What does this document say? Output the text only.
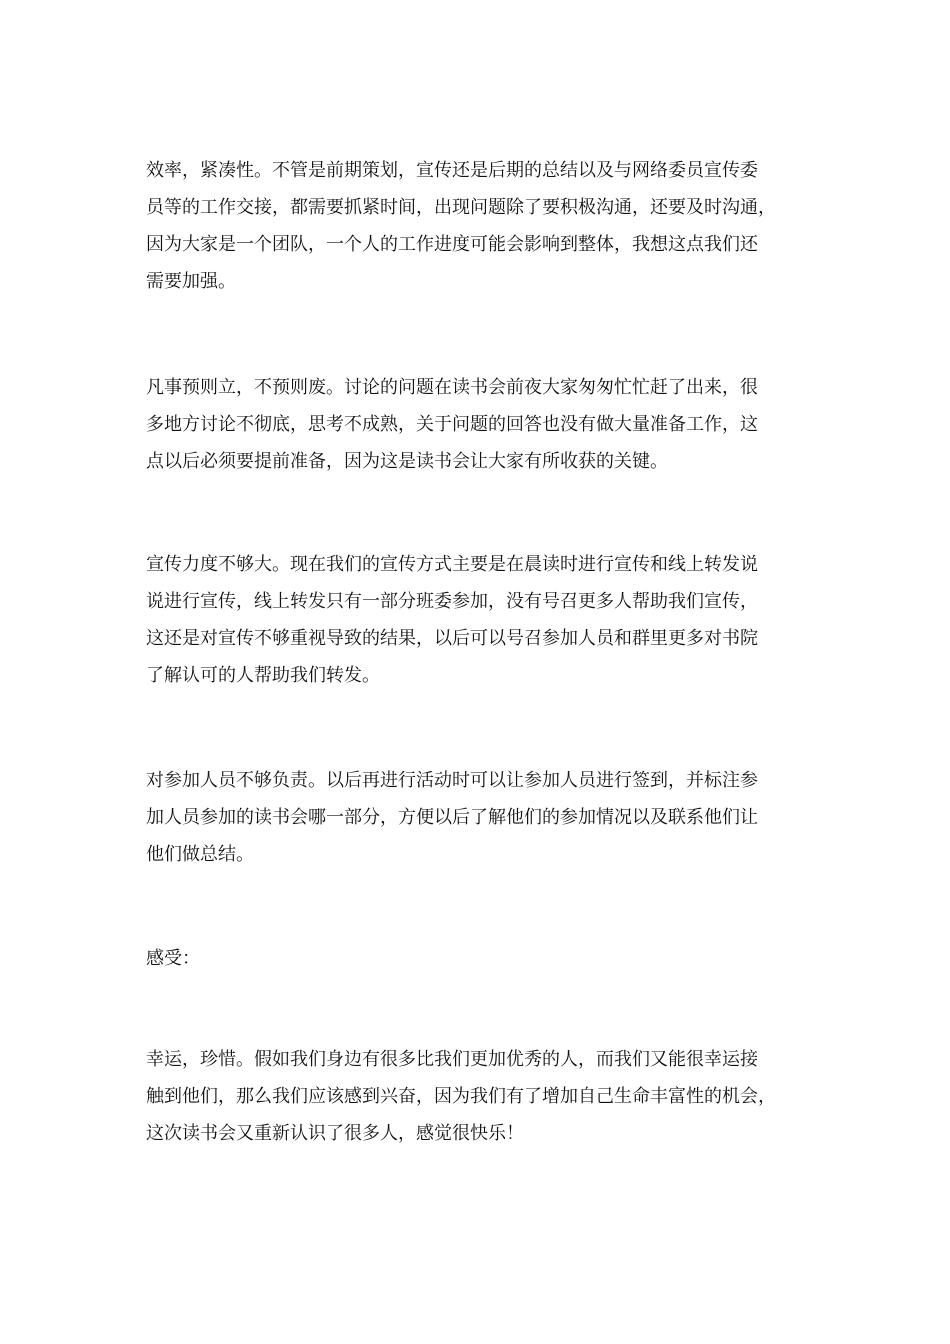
效率，紧凑性。不管是前期策划，宣传还是后期的总结以及与网络委员宣传委
员等的工作交接，都需要抓紧时间，出现问题除了要积极沟通，还要及时沟通，
因为大家是一个团队，一个人的工作进度可能会影响到整体，我想这点我们还
需要加强。

凡事预则立，不预则废。讨论的问题在读书会前夜大家匆匆忙忙赶了出来，很
多地方讨论不彻底，思考不成熟，关于问题的回答也没有做大量准备工作，这
点以后必须要提前准备，因为这是读书会让大家有所收获的关键。

宣传力度不够大。现在我们的宣传方式主要是在晨读时进行宣传和线上转发说
说进行宣传，线上转发只有一部分班委参加，没有号召更多人帮助我们宣传，
这还是对宣传不够重视导致的结果，以后可以号召参加人员和群里更多对书院
了解认可的人帮助我们转发。

对参加人员不够负责。以后再进行活动时可以让参加人员进行签到，并标注参
加人员参加的读书会哪一部分，方便以后了解他们的参加情况以及联系他们让
他们做总结。

感受：

幸运，珍惜。假如我们身边有很多比我们更加优秀的人，而我们又能很幸运接
触到他们，那么我们应该感到兴奋，因为我们有了增加自己生命丰富性的机会，
这次读书会又重新认识了很多人，感觉很快乐！
